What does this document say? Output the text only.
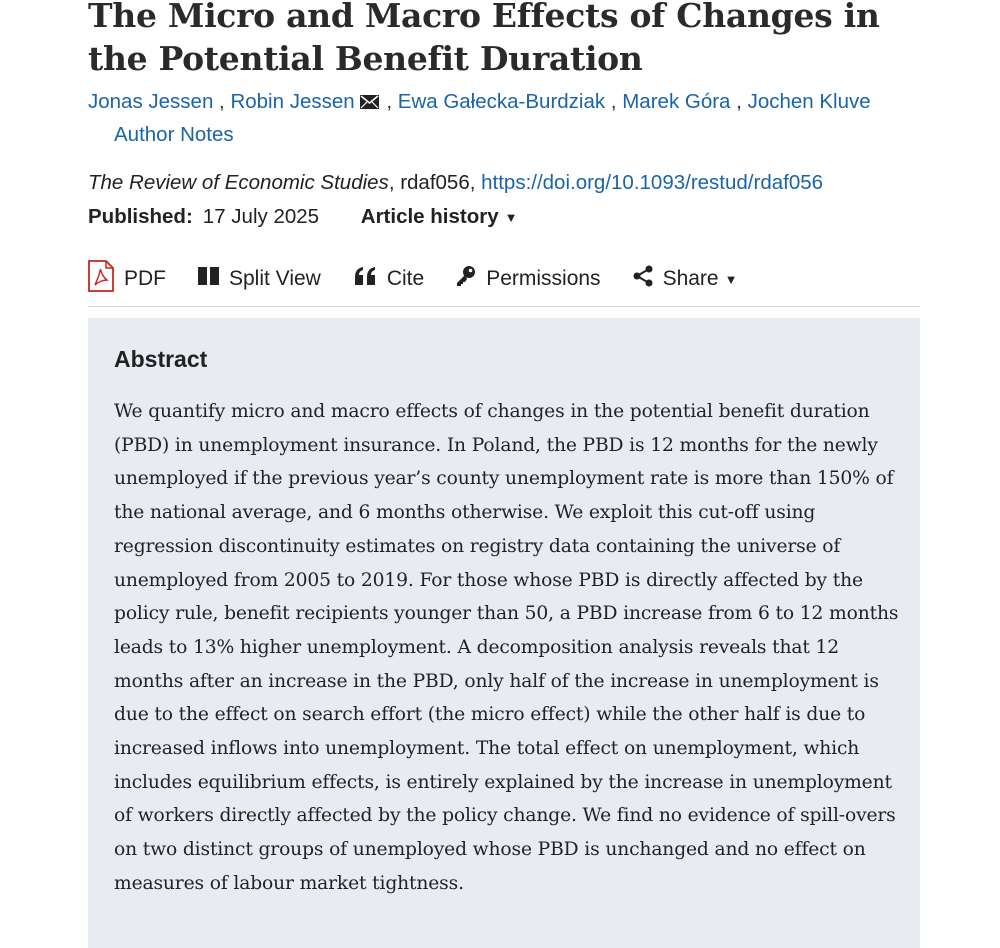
The Micro and Macro Effects of Changes in the Potential Benefit Duration
Jonas Jessen , Robin Jessen , Ewa Gałecka-Burdziak , Marek Góra , Jochen Kluve
Author Notes
The Review of Economic Studies, rdaf056, https://doi.org/10.1093/restud/rdaf056
Published: 17 July 2025 Article history ▼
PDF	Split View	Cite	Permissions	Share ▼
Abstract

We quantify micro and macro effects of changes in the potential benefit duration (PBD) in unemployment insurance. In Poland, the PBD is 12 months for the newly unemployed if the previous year’s county unemployment rate is more than 150% of the national average, and 6 months otherwise. We exploit this cut-off using regression discontinuity estimates on registry data containing the universe of unemployed from 2005 to 2019. For those whose PBD is directly affected by the policy rule, benefit recipients younger than 50, a PBD increase from 6 to 12 months leads to 13% higher unemployment. A decomposition analysis reveals that 12 months after an increase in the PBD, only half of the increase in unemployment is due to the effect on search effort (the micro effect) while the other half is due to increased inflows into unemployment. The total effect on unemployment, which includes equilibrium effects, is entirely explained by the increase in unemployment of workers directly affected by the policy change. We find no evidence of spill-overs on two distinct groups of unemployed whose PBD is unchanged and no effect on measures of labour market tightness.
